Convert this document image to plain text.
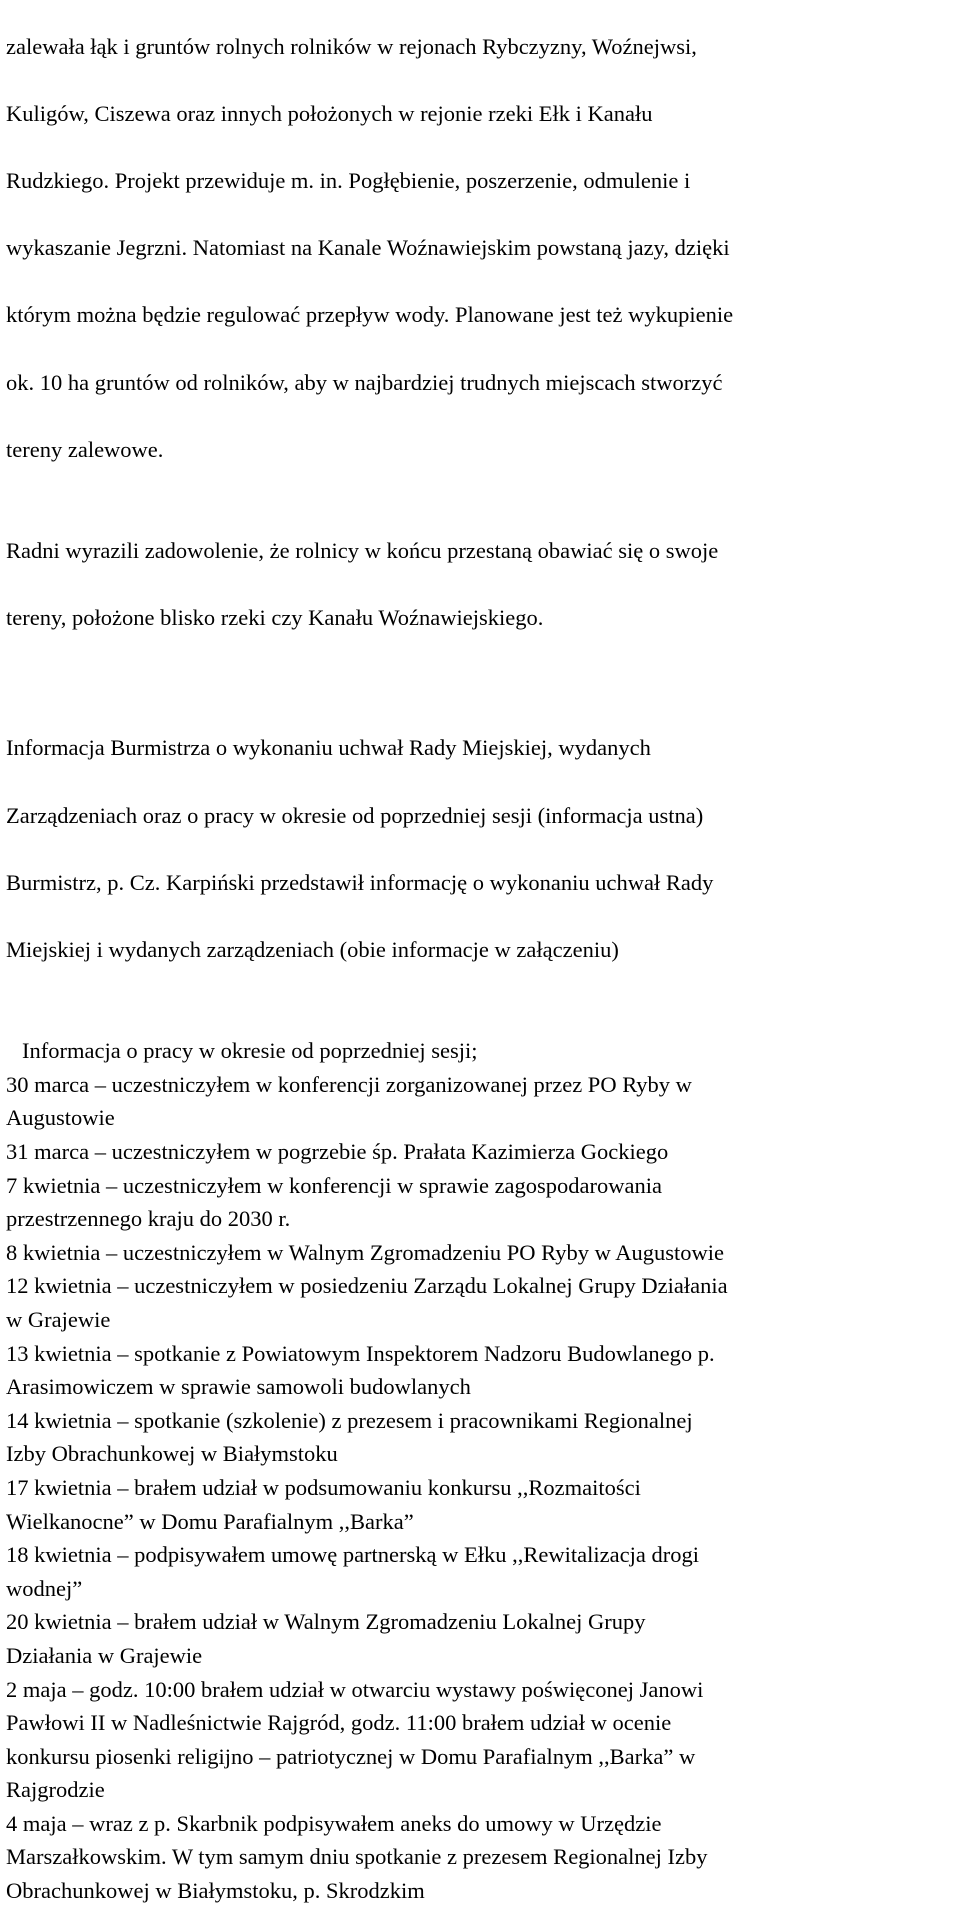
zalewała łąk i gruntów rolnych rolników w rejonach Rybczyzny, Woźnejwsi,

Kuligów, Ciszewa oraz innych położonych w rejonie rzeki Ełk i Kanału

Rudzkiego. Projekt przewiduje m. in. Pogłębienie, poszerzenie, odmulenie i

wykaszanie Jegrzni. Natomiast na Kanale Woźnawiejskim powstaną jazy, dzięki

którym można będzie regulować przepływ wody. Planowane jest też wykupienie

ok. 10 ha gruntów od rolników, aby w najbardziej trudnych miejscach stworzyć

tereny zalewowe.

Radni wyrazili zadowolenie, że rolnicy w końcu przestaną obawiać się o swoje

tereny, położone blisko rzeki czy Kanału Woźnawiejskiego.

Informacja Burmistrza o wykonaniu uchwał Rady Miejskiej, wydanych

Zarządzeniach oraz o pracy w okresie od poprzedniej sesji (informacja ustna)

Burmistrz, p. Cz. Karpiński przedstawił informację o wykonaniu uchwał Rady

Miejskiej i wydanych zarządzeniach (obie informacje w załączeniu)

Informacja o pracy w okresie od poprzedniej sesji;
30 marca – uczestniczyłem w konferencji zorganizowanej przez PO Ryby w
Augustowie
31 marca – uczestniczyłem w pogrzebie śp. Prałata Kazimierza Gockiego
7 kwietnia – uczestniczyłem w konferencji w sprawie zagospodarowania
przestrzennego kraju do 2030 r.
8 kwietnia – uczestniczyłem w Walnym Zgromadzeniu PO Ryby w Augustowie
12 kwietnia – uczestniczyłem w posiedzeniu Zarządu Lokalnej Grupy Działania
w Grajewie
13 kwietnia – spotkanie z Powiatowym Inspektorem Nadzoru Budowlanego p.
Arasimowiczem w sprawie samowoli budowlanych
14 kwietnia – spotkanie (szkolenie) z prezesem i pracownikami Regionalnej
Izby Obrachunkowej w Białymstoku
17 kwietnia – brałem udział w podsumowaniu konkursu ,,Rozmaitości
Wielkanocne” w Domu Parafialnym ,,Barka”
18 kwietnia – podpisywałem umowę partnerską w Ełku ,,Rewitalizacja drogi
wodnej”
20 kwietnia – brałem udział w Walnym Zgromadzeniu Lokalnej Grupy
Działania w Grajewie
2 maja – godz. 10:00 brałem udział w otwarciu wystawy poświęconej Janowi
Pawłowi II w Nadleśnictwie Rajgród, godz. 11:00 brałem udział w ocenie
konkursu piosenki religijno – patriotycznej w Domu Parafialnym ,,Barka” w
Rajgrodzie
4 maja – wraz z p. Skarbnik podpisywałem aneks do umowy w Urzędzie
Marszałkowskim. W tym samym dniu spotkanie z prezesem Regionalnej Izby
Obrachunkowej w Białymstoku, p. Skrodzkim
